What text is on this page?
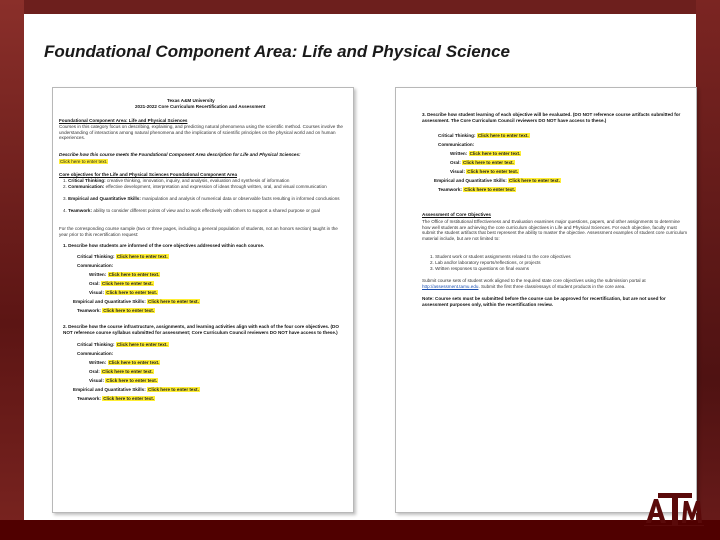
Foundational Component Area: Life and Physical Science
Texas A&M University
2021-2022 Core Curriculum Recertification and Assessment
Foundational Component Area: Life and Physical Sciences
Courses in this category focus on describing, explaining, and predicting natural phenomena using the scientific method. Courses involve the understanding of interactions among natural phenomena and the implications of scientific principles on the physical world and on human experiences.
Describe how this course meets the Foundational Component Area description for Life and Physical Sciences:
Click here to enter text.
Core objectives for the Life and Physical Sciences Foundational Component Area
1. Critical Thinking: creative thinking, innovation, inquiry, and analysis, evaluation and synthesis of information
2. Communication: effective development, interpretation and expression of ideas through written, oral, and visual communication
3. Empirical and Quantitative Skills: manipulation and analysis of numerical data or observable facts resulting in informed conclusions
4. Teamwork: ability to consider different points of view and to work effectively with others to support a shared purpose or goal
For the corresponding course sample (two or three pages, including a general population of students, not an honors section) taught in the year prior to this recertification request:
1. Describe how students are informed of the core objectives addressed within each course.
Critical Thinking: Click here to enter text.
Communication:
Written: Click here to enter text.
Oral: Click here to enter text.
Visual: Click here to enter text.
Empirical and Quantitative Skills: Click here to enter text.
Teamwork: Click here to enter text.
2. Describe how the course infrastructure, assignments, and learning activities align with each of the four core objectives. (DO NOT reference course syllabus submitted for assessment; Core Curriculum Council reviewers DO NOT have access to these.)
Critical Thinking: Click here to enter text.
Communication:
Written: Click here to enter text.
Oral: Click here to enter text.
Visual: Click here to enter text.
Empirical and Quantitative Skills: Click here to enter text.
Teamwork: Click here to enter text.
3. Describe how student learning of each objective will be evaluated. (DO NOT reference course artifacts submitted for assessment. The Core Curriculum Council reviewers DO NOT have access to these.)
Critical Thinking: Click here to enter text.
Communication:
Written: Click here to enter text.
Oral: Click here to enter text.
Visual: Click here to enter text.
Empirical and Quantitative Skills: Click here to enter text.
Teamwork: Click here to enter text.
Assessment of Core Objectives
The Office of Institutional Effectiveness and Evaluation examines major questions, papers, and other assignments to determine how well students are achieving the core curriculum objectives in Life and Physical Sciences. For each objective, faculty must submit the student artifacts that best represent the ability to master the objective. Assessment examples of student core curriculum material include, but are not limited to:
1. Student work or student assignments related to the core objectives
2. Lab and/or laboratory reports/reflections, or projects
3. Written responses to questions on final exams
Submit course sets of student work aligned to the required state core objectives using the submission portal at http://assessment.tamu.edu. Submit the first three class/essays of student products in the core area.
Note: Course sets must be submitted before the course can be approved for recertification, but are not used for assessment purposes only, within the recertification review.
